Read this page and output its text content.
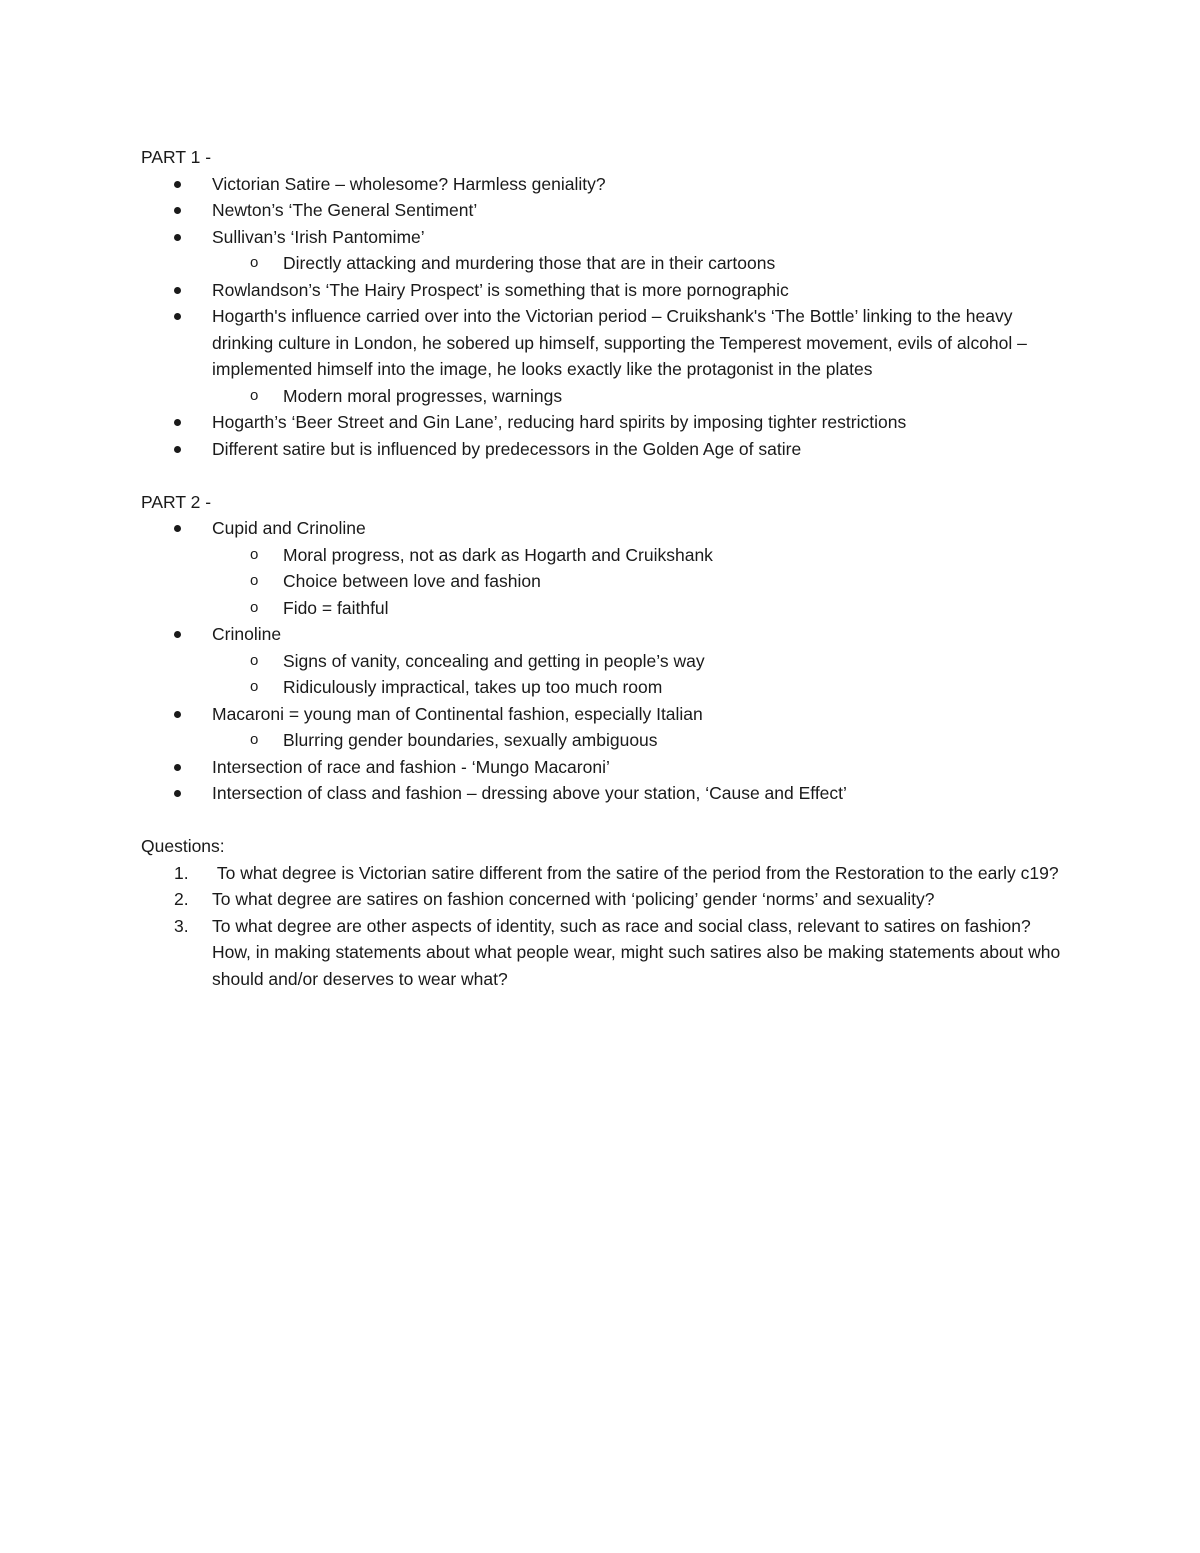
PART 1 -
Victorian Satire – wholesome? Harmless geniality?
Newton’s ‘The General Sentiment’
Sullivan’s ‘Irish Pantomime’
o Directly attacking and murdering those that are in their cartoons
Rowlandson’s ‘The Hairy Prospect’ is something that is more pornographic
Hogarth's influence carried over into the Victorian period – Cruikshank's ‘The Bottle’ linking to the heavy drinking culture in London, he sobered up himself, supporting the Temperest movement, evils of alcohol – implemented himself into the image, he looks exactly like the protagonist in the plates
o Modern moral progresses, warnings
Hogarth’s ‘Beer Street and Gin Lane’, reducing hard spirits by imposing tighter restrictions
Different satire but is influenced by predecessors in the Golden Age of satire
PART 2 -
Cupid and Crinoline
o Moral progress, not as dark as Hogarth and Cruikshank
o Choice between love and fashion
o Fido = faithful
Crinoline
o Signs of vanity, concealing and getting in people’s way
o Ridiculously impractical, takes up too much room
Macaroni = young man of Continental fashion, especially Italian
o Blurring gender boundaries, sexually ambiguous
Intersection of race and fashion - ‘Mungo Macaroni’
Intersection of class and fashion – dressing above your station, ‘Cause and Effect’
Questions:
1. To what degree is Victorian satire different from the satire of the period from the Restoration to the early c19?
2. To what degree are satires on fashion concerned with ‘policing’ gender ‘norms’ and sexuality?
3. To what degree are other aspects of identity, such as race and social class, relevant to satires on fashion? How, in making statements about what people wear, might such satires also be making statements about who should and/or deserves to wear what?
